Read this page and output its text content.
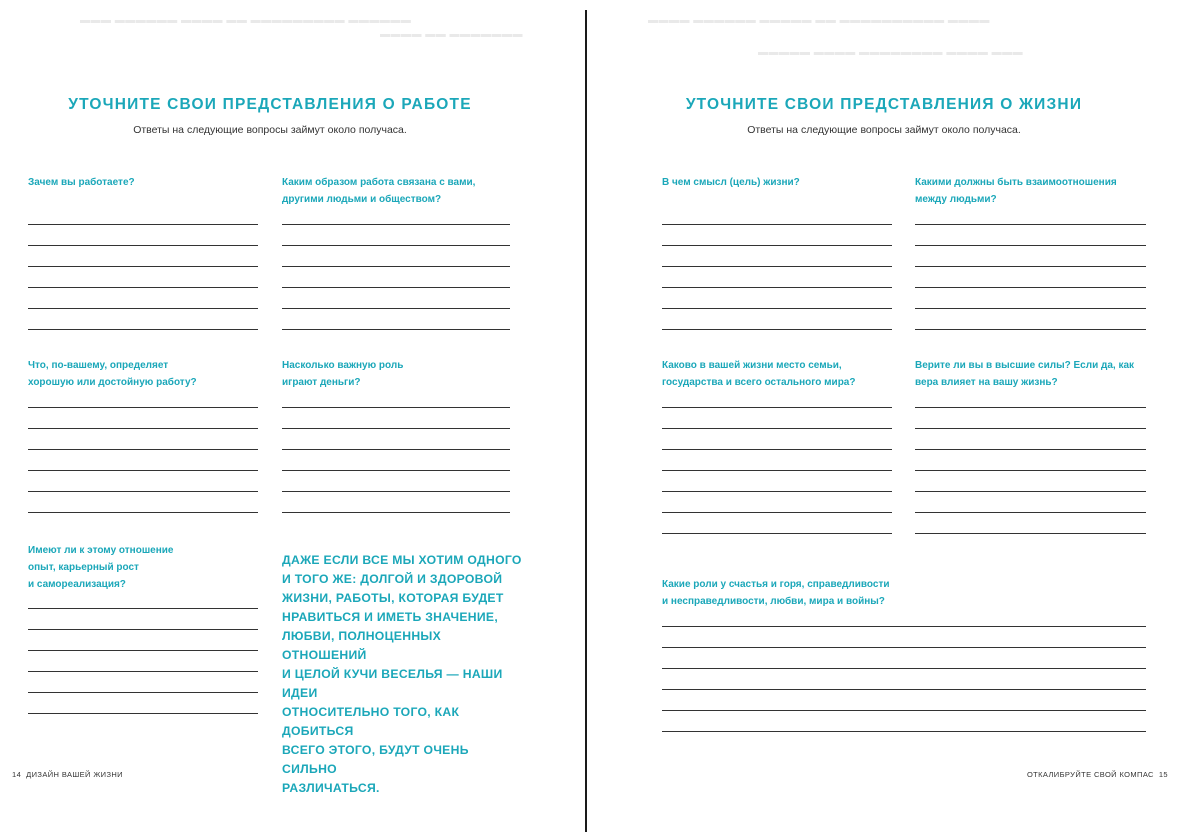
▬▬▬ ▬▬▬▬▬▬ ▬▬▬▬ ▬▬ ▬▬▬▬▬▬▬▬▬ ▬▬▬▬▬▬
▬▬▬▬ ▬▬ ▬▬▬▬▬▬▬
УТОЧНИТЕ СВОИ ПРЕДСТАВЛЕНИЯ О РАБОТЕ

Ответы на следующие вопросы займут около получаса.

Зачем вы работаете?	Каким образом работа связана с вами,
другими людьми и обществом?
Что, по-вашему, определяет
хорошую или достойную работу?
Насколько важную роль
играют деньги?
Имеют ли к этому отношение
опыт, карьерный рост
и самореализация?
ДАЖЕ ЕСЛИ ВСЕ МЫ ХОТИМ ОДНОГО
И ТОГО ЖЕ: ДОЛГОЙ И ЗДОРОВОЙ
ЖИЗНИ, РАБОТЫ, КОТОРАЯ БУДЕТ
НРАВИТЬСЯ И ИМЕТЬ ЗНАЧЕНИЕ,
ЛЮБВИ, ПОЛНОЦЕННЫХ ОТНОШЕНИЙ
И ЦЕЛОЙ КУЧИ ВЕСЕЛЬЯ — НАШИ ИДЕИ
ОТНОСИТЕЛЬНО ТОГО, КАК ДОБИТЬСЯ
ВСЕГО ЭТОГО, БУДУТ ОЧЕНЬ СИЛЬНО
РАЗЛИЧАТЬСЯ.
14 ДИЗАЙН ВАШЕЙ ЖИЗНИ
▬▬▬▬ ▬▬▬▬▬▬ ▬▬▬▬▬ ▬▬ ▬▬▬▬▬▬▬▬▬▬ ▬▬▬▬
▬▬▬▬▬ ▬▬▬▬ ▬▬▬▬▬▬▬▬ ▬▬▬▬ ▬▬▬
УТОЧНИТЕ СВОИ ПРЕДСТАВЛЕНИЯ О ЖИЗНИ

Ответы на следующие вопросы займут около получаса.

В чем смысл (цель) жизни?	Какими должны быть взаимоотношения
между людьми?
Каково в вашей жизни место семьи,
государства и всего остального мира?
Верите ли вы в высшие силы? Если да, как
вера влияет на вашу жизнь?
Какие роли у счастья и горя, справедливости
и несправедливости, любви, мира и войны?
ОТКАЛИБРУЙТЕ СВОЙ КОМПАС 15
